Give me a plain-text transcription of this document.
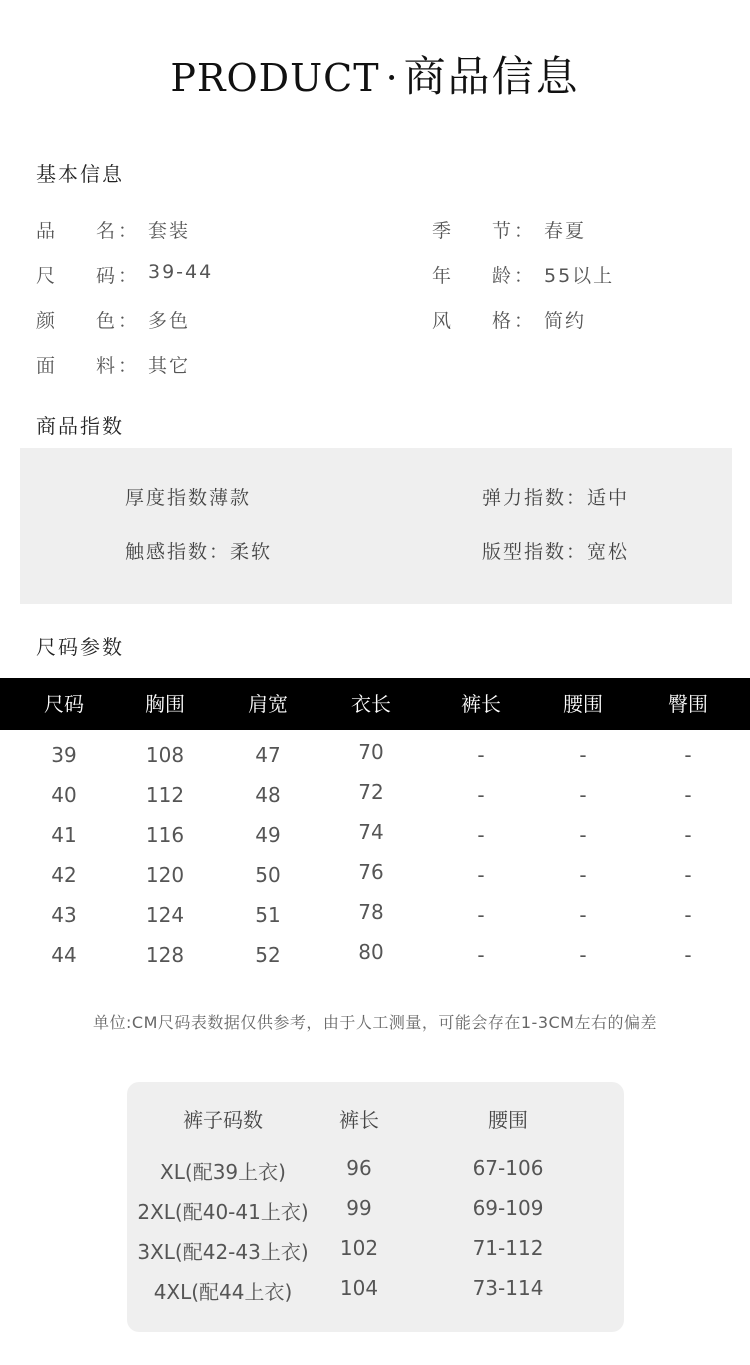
PRODUCT · 商品信息
基本信息
品 名 ： 套装	季 节 ： 春夏
尺 码 ： 39-44	年 龄 ： 55以上
颜 色 ： 多色	风 格 ： 简约
面 料 ： 其它
商品指数
厚度指数薄款	弹力指数：适中
触感指数：柔软	版型指数：宽松
尺码参数
尺码	胸围	肩宽	衣长	裤长	腰围	臀围
39	108	47	70	-	-	-
40	112	48	72	-	-	-
41	116	49	74	-	-	-
42	120	50	76	-	-	-
43	124	51	78	-	-	-
44	128	52	80	-	-	-
单位:CM尺码表数据仅供参考，由于人工测量，可能会存在1-3CM左右的偏差
裤子码数	裤长	腰围
XL(配39上衣)	96	67-106
2XL(配40-41上衣) 99	69-109
3XL(配42-43上衣) 102	71-112
4XL(配44上衣) 104	73-114
